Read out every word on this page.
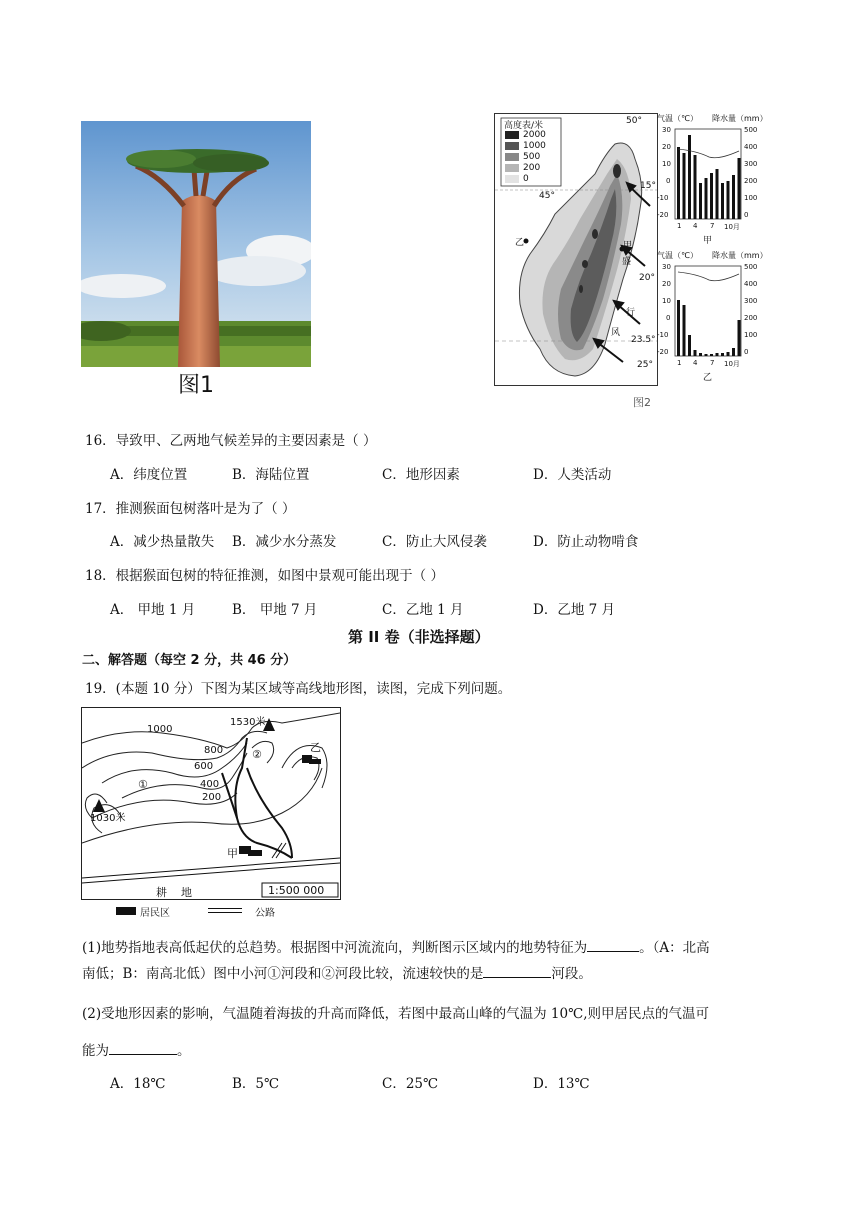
图1
高度表/米
2000
1000
500
200
0
50°
15°
20°
23.5°
25°
45°
乙	甲
盛
行
风
气温（℃） 降水量（mm）
30
20
10
0
-10
-20
500
400
300
200
100
0
1 4 7 10月
甲
气温（℃） 降水量（mm）
30
20
10
0
-10
-20
500
400
300
200
100
0
1 4 7 10月
乙
图2
16．导致甲、乙两地气候差异的主要因素是（ ）
A．纬度位置	B．海陆位置	C．地形因素	D．人类活动
17．推测猴面包树落叶是为了（ ）
A．减少热量散失 B．减少水分蒸发	C．防止大风侵袭	D．防止动物啃食
18．根据猴面包树的特征推测，如图中景观可能出现于（ ）
A． 甲地 1 月	B． 甲地 7 月	C．乙地 1 月	D．乙地 7 月
第 II 卷（非选择题）
二、解答题（每空 2 分，共 46 分）
19．(本题 10 分）下图为某区域等高线地形图，读图，完成下列问题。
1000
800
600
400
200
1530米
1030米
甲
乙
①
②
耕    地	1:500 000
居民区	公路
(1)地势指地表高低起伏的总趋势。根据图中河流流向，判断图示区域内的地势特征为	。（A：北高
南低；B：南高北低）图中小河①河段和②河段比较，流速较快的是	河段。
(2)受地形因素的影响，气温随着海拔的升高而降低，若图中最高山峰的气温为 10℃,则甲居民点的气温可
能为	。
A．18℃	B．5℃	C．25℃	D．13℃
